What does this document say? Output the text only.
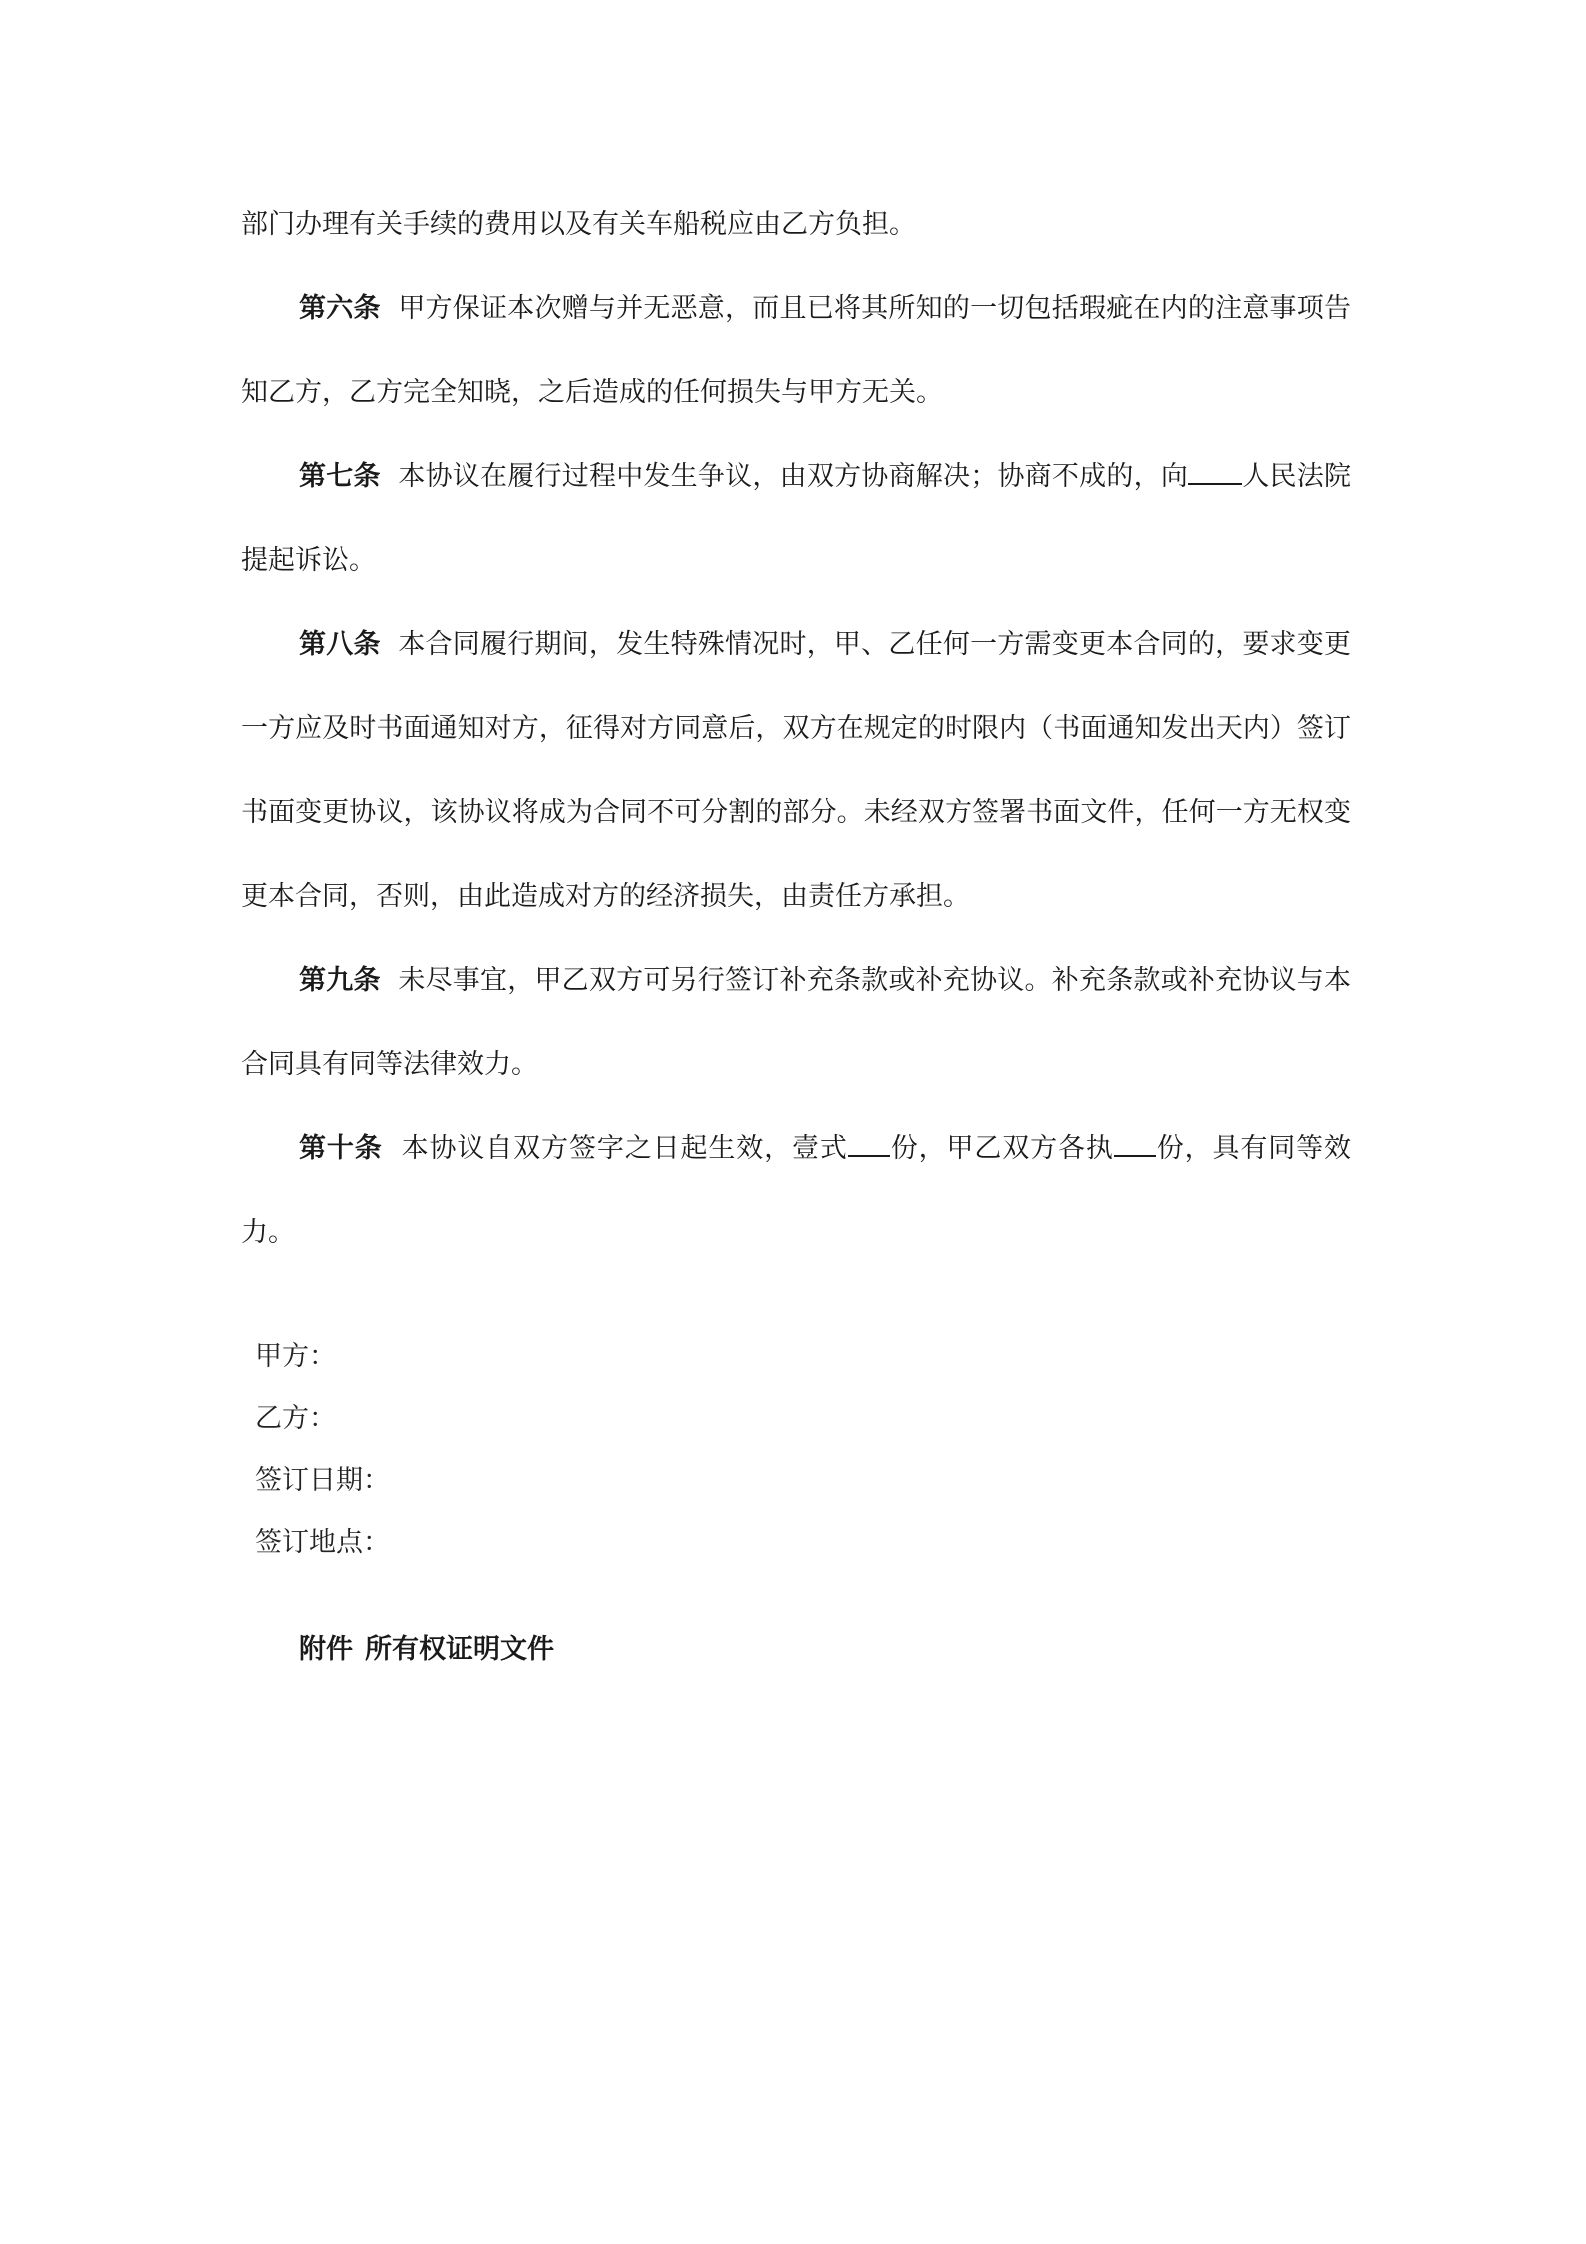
部门办理有关手续的费用以及有关车船税应由乙方负担。

第六条 甲方保证本次赠与并无恶意，而且已将其所知的一切包括瑕疵在内的注意事项告知乙方，乙方完全知晓，之后造成的任何损失与甲方无关。

第七条 本协议在履行过程中发生争议，由双方协商解决；协商不成的，向 人民法院提起诉讼。

第八条 本合同履行期间，发生特殊情况时，甲、乙任何一方需变更本合同的，要求变更一方应及时书面通知对方，征得对方同意后，双方在规定的时限内（书面通知发出天内）签订书面变更协议，该协议将成为合同不可分割的部分。未经双方签署书面文件，任何一方无权变更本合同，否则，由此造成对方的经济损失，由责任方承担。

第九条 未尽事宜，甲乙双方可另行签订补充条款或补充协议。补充条款或补充协议与本合同具有同等法律效力。

第十条 本协议自双方签字之日起生效，壹式 份，甲乙双方各执 份，具有同等效力。

甲方：

乙方：

签订日期：

签订地点：

附件 所有权证明文件
